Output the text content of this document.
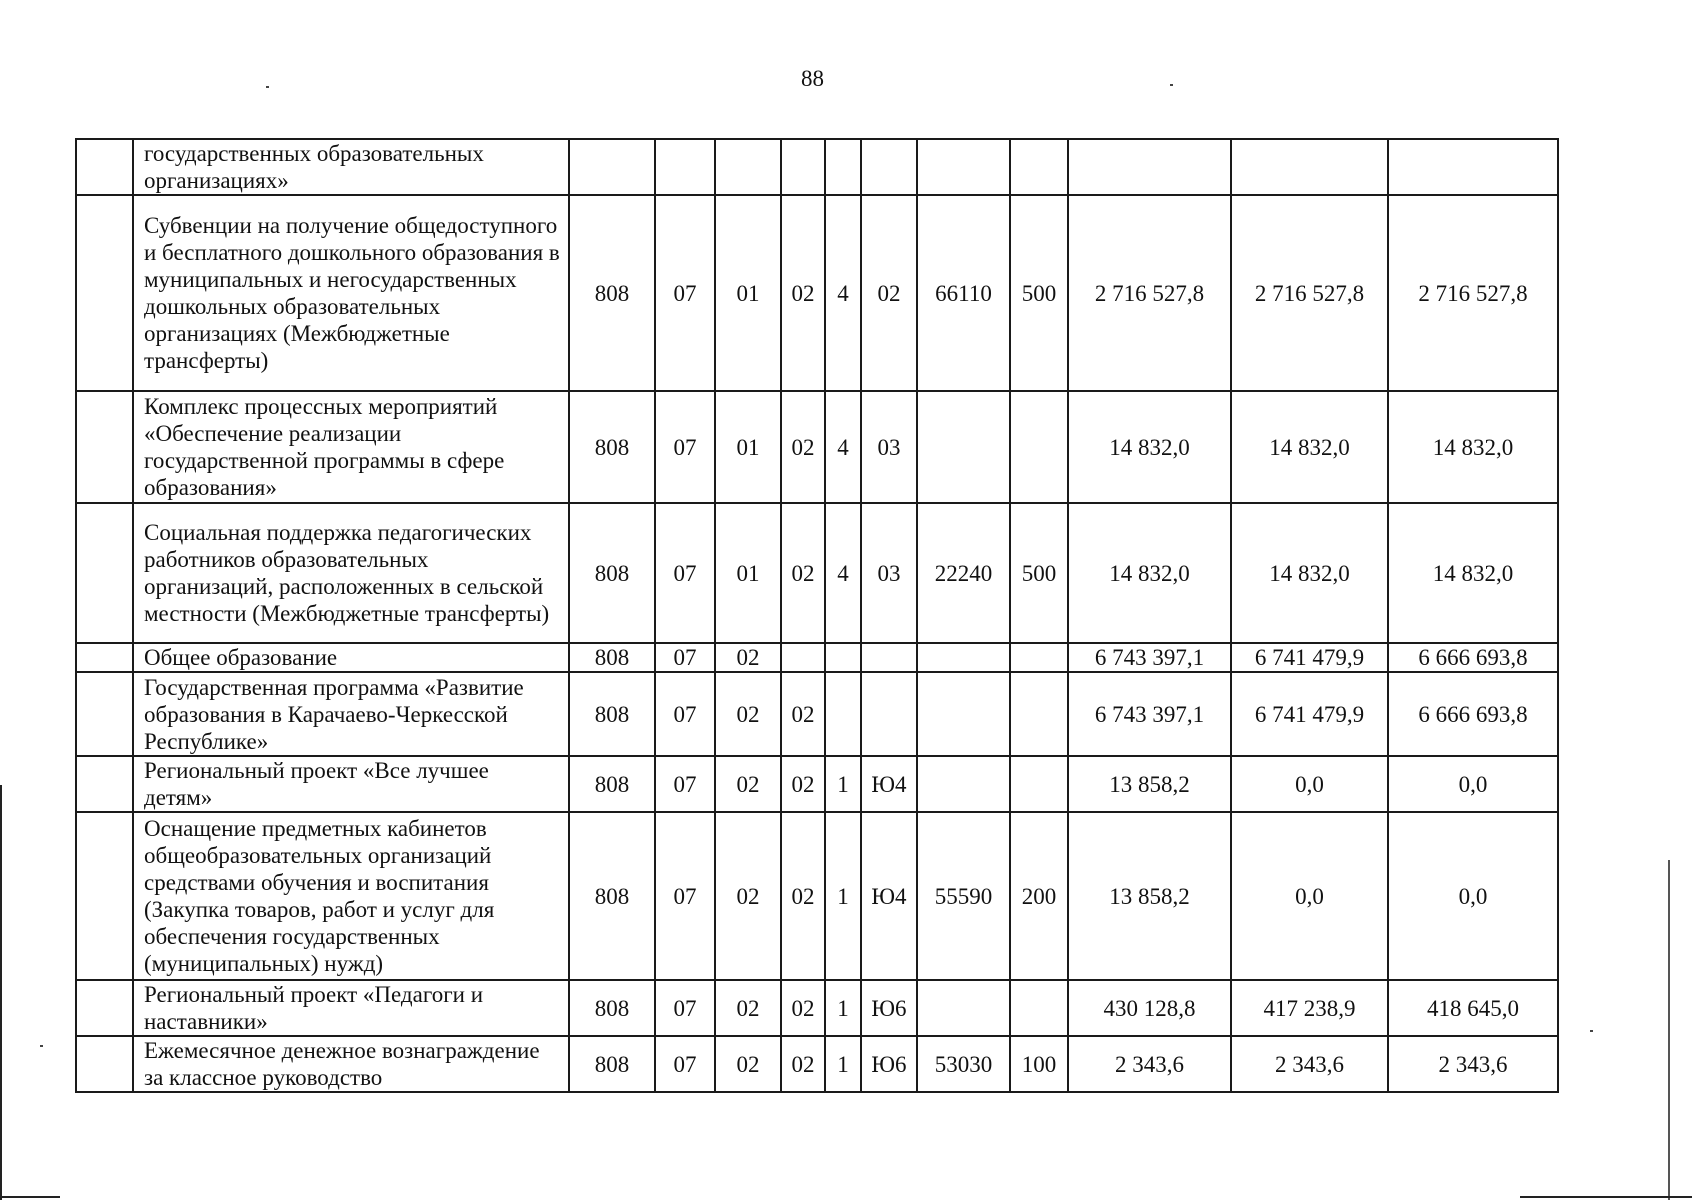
88
	государственных образовательных организациях»											
	Субвенции на получение общедоступного и бесплатного дошкольного образования в муниципальных и негосударственных дошкольных образовательных организациях (Межбюджетные трансферты)	808	07	01	02	4	02	66110	500	2 716 527,8	2 716 527,8	2 716 527,8
	Комплекс процессных мероприятий «Обеспечение реализации государственной программы в сфере образования»	808	07	01	02	4	03			14 832,0	14 832,0	14 832,0
	Социальная поддержка педагогических работников образовательных организаций, расположенных в сельской местности (Межбюджетные трансферты)	808	07	01	02	4	03	22240	500	14 832,0	14 832,0	14 832,0
	Общее образование	808	07	02						6 743 397,1	6 741 479,9	6 666 693,8
	Государственная программа «Развитие образования в Карачаево-Черкесской Республике»	808	07	02	02					6 743 397,1	6 741 479,9	6 666 693,8
	Региональный проект «Все лучшее детям»	808	07	02	02	1	Ю4			13 858,2	0,0	0,0
	Оснащение предметных кабинетов общеобразовательных организаций средствами обучения и воспитания (Закупка товаров, работ и услуг для обеспечения государственных (муниципальных) нужд)	808	07	02	02	1	Ю4	55590	200	13 858,2	0,0	0,0
	Региональный проект «Педагоги и наставники»	808	07	02	02	1	Ю6			430 128,8	417 238,9	418 645,0
	Ежемесячное денежное вознаграждение за классное руководство	808	07	02	02	1	Ю6	53030	100	2 343,6	2 343,6	2 343,6
